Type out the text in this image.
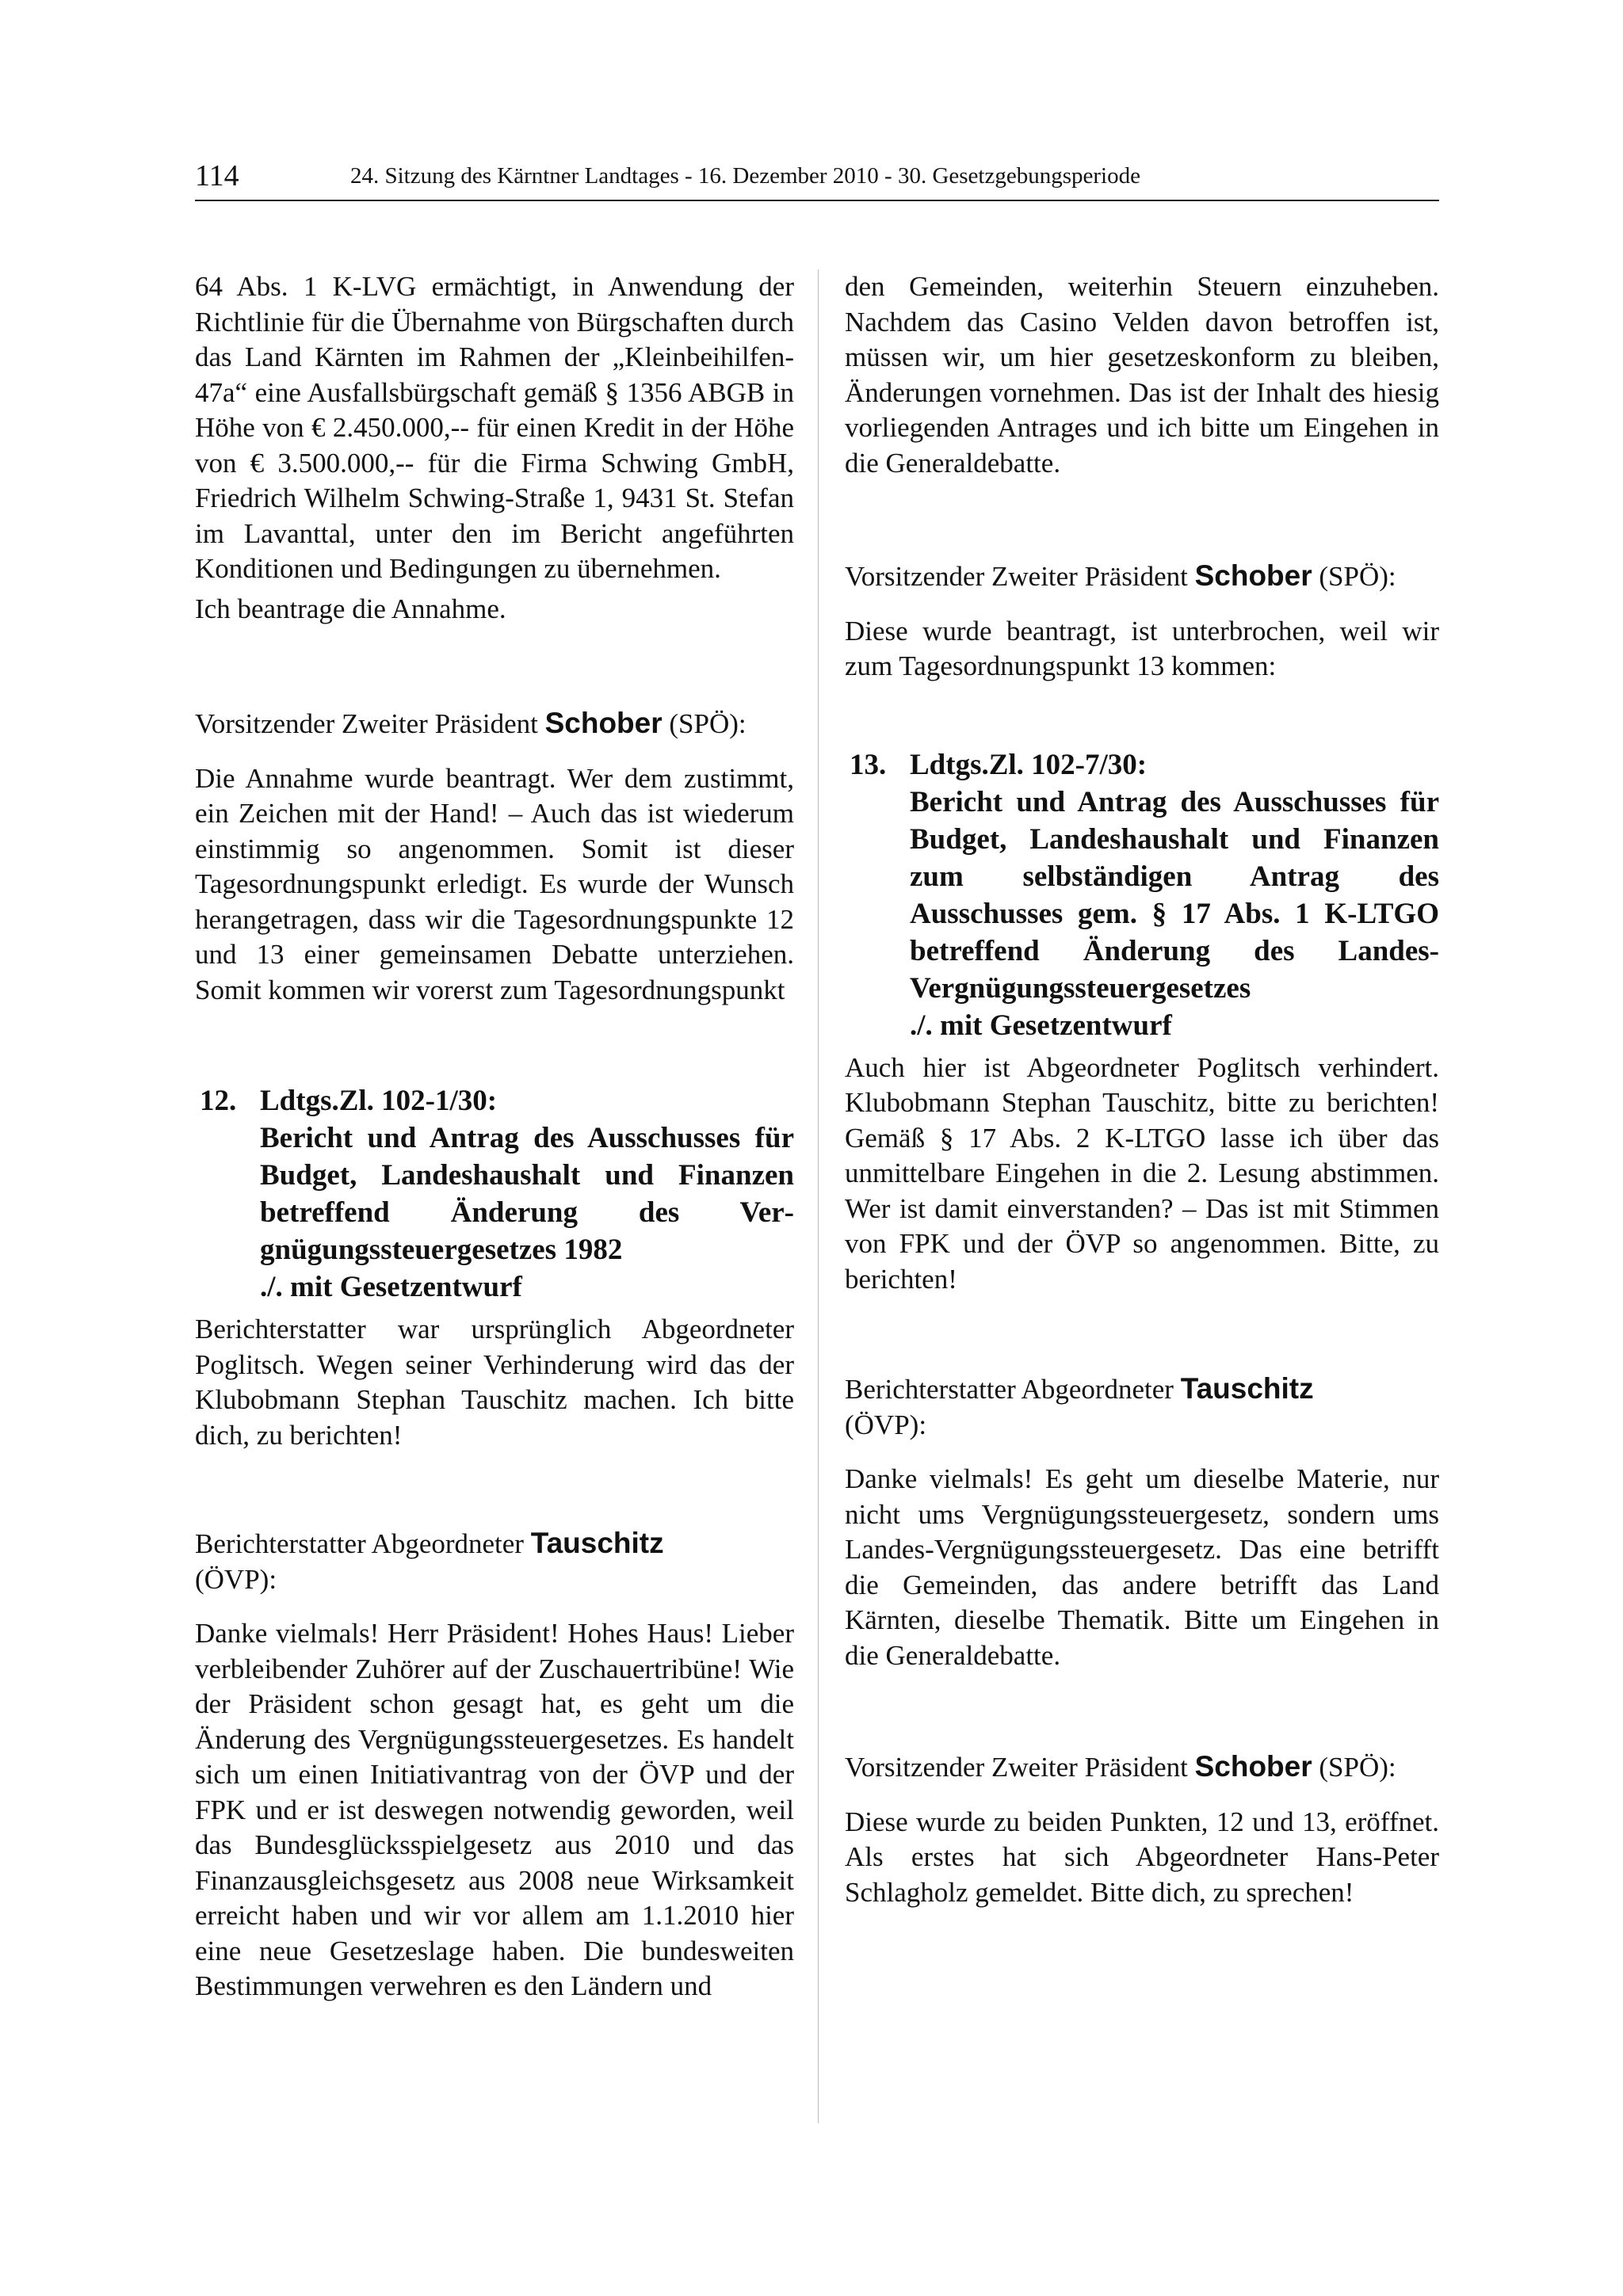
114	24. Sitzung des Kärntner Landtages - 16. Dezember 2010 - 30. Gesetzgebungsperiode

64 Abs. 1 K-LVG ermächtigt, in Anwendung der Richtlinie für die Übernahme von Bürgschaften durch das Land Kärnten im Rahmen der „Kleinbeihilfen-47a“ eine Ausfallsbürgschaft gemäß § 1356 ABGB in Höhe von € 2.450.000,-- für einen Kredit in der Höhe von € 3.500.000,-- für die Firma Schwing GmbH, Friedrich Wilhelm Schwing-Straße 1, 9431 St. Stefan im Lavanttal, unter den im Bericht angeführten Konditionen und Bedingungen zu übernehmen.

Ich beantrage die Annahme.

Vorsitzender Zweiter Präsident Schober (SPÖ):

Die Annahme wurde beantragt. Wer dem zustimmt, ein Zeichen mit der Hand! – Auch das ist wiederum einstimmig so angenommen. Somit ist dieser Tagesordnungspunkt erledigt. Es wurde der Wunsch herangetragen, dass wir die Tagesordnungspunkte 12 und 13 einer gemeinsamen Debatte unterziehen. Somit kommen wir vorerst zum Tagesordnungspunkt

12. Ldtgs.Zl. 102-1/30:
Bericht und Antrag des Ausschusses für Budget, Landeshaushalt und Finanzen betreffend Änderung des Vergnügungssteuergesetzes 1982
./. mit Gesetzentwurf

Berichterstatter war ursprünglich Abgeordneter Poglitsch. Wegen seiner Verhinderung wird das der Klubobmann Stephan Tauschitz machen. Ich bitte dich, zu berichten!

Berichterstatter Abgeordneter Tauschitz
(ÖVP):

Danke vielmals! Herr Präsident! Hohes Haus! Lieber verbleibender Zuhörer auf der Zuschauertribüne! Wie der Präsident schon gesagt hat, es geht um die Änderung des Vergnügungssteuergesetzes. Es handelt sich um einen Initiativantrag von der ÖVP und der FPK und er ist deswegen notwendig geworden, weil das Bundesglücksspielgesetz aus 2010 und das Finanzausgleichsgesetz aus 2008 neue Wirksamkeit erreicht haben und wir vor allem am 1.1.2010 hier eine neue Gesetzeslage haben. Die bundesweiten Bestimmungen verwehren es den Ländern und

den Gemeinden, weiterhin Steuern einzuheben. Nachdem das Casino Velden davon betroffen ist, müssen wir, um hier gesetzeskonform zu bleiben, Änderungen vornehmen. Das ist der Inhalt des hiesig vorliegenden Antrages und ich bitte um Eingehen in die Generaldebatte.

Vorsitzender Zweiter Präsident Schober (SPÖ):

Diese wurde beantragt, ist unterbrochen, weil wir zum Tagesordnungspunkt 13 kommen:

13. Ldtgs.Zl. 102-7/30:
Bericht und Antrag des Ausschusses für Budget, Landeshaushalt und Finanzen zum selbständigen Antrag des Ausschusses gem. § 17 Abs. 1 K-LTGO betreffend Änderung des Landes-Vergnügungssteuergesetzes
./. mit Gesetzentwurf

Auch hier ist Abgeordneter Poglitsch verhindert. Klubobmann Stephan Tauschitz, bitte zu berichten! Gemäß § 17 Abs. 2 K-LTGO lasse ich über das unmittelbare Eingehen in die 2. Lesung abstimmen. Wer ist damit einverstanden? – Das ist mit Stimmen von FPK und der ÖVP so angenommen. Bitte, zu berichten!

Berichterstatter Abgeordneter Tauschitz
(ÖVP):

Danke vielmals! Es geht um dieselbe Materie, nur nicht ums Vergnügungssteuergesetz, sondern ums Landes-Vergnügungssteuergesetz. Das eine betrifft die Gemeinden, das andere betrifft das Land Kärnten, dieselbe Thematik. Bitte um Eingehen in die Generaldebatte.

Vorsitzender Zweiter Präsident Schober (SPÖ):

Diese wurde zu beiden Punkten, 12 und 13, eröffnet. Als erstes hat sich Abgeordneter Hans-Peter Schlagholz gemeldet. Bitte dich, zu sprechen!
